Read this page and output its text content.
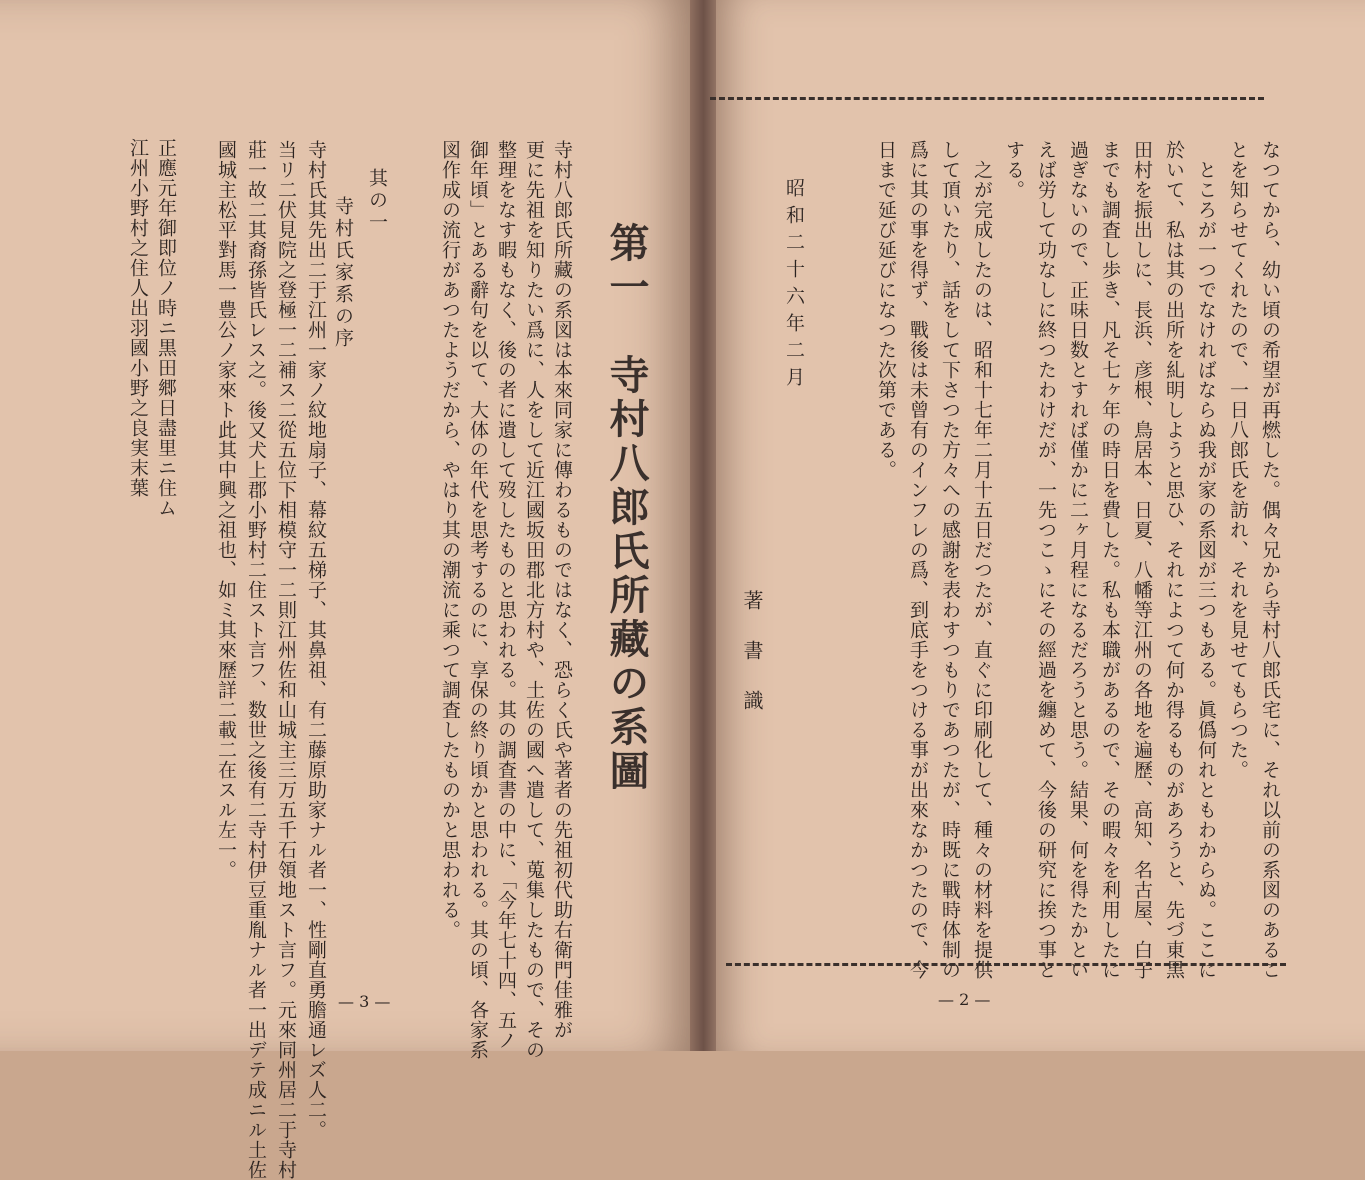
第一　寺村八郎氏所藏の系圖
寺村八郎氏所藏の系図は本來同家に傳わるものではなく、恐らく氏や著者の先祖初代助右衛門佳雅が
更に先祖を知りたい爲に、人をして近江國坂田郡北方村や、土佐の國へ遣して、蒐集したもので、その
整理をなす暇もなく、後の者に遺して歿したものと思われる。其の調査書の中に、「今年七十四、五ノ
御年頃」とある辭句を以て、大体の年代を思考するのに、享保の終り頃かと思われる。其の頃、各家系
図作成の流行があつたようだから、やはり其の潮流に乘つて調査したものかと思われる。
其の一
寺村氏家系の序
寺村氏其先出二于江州一家ノ紋地扇子、幕紋五梯子、其鼻祖、有二藤原助家ナル者一、性剛直勇膽通レズ人二。
当リ二伏見院之登極一二補ス二從五位下相模守一二則江州佐和山城主三万五千石領地スト言フ。元來同州居二于寺村
莊一故二其裔孫皆氏レス之。後又犬上郡小野村二住スト言フ、数世之後有二寺村伊豆重胤ナル者一出デテ成ニル土佐
國城主松平對馬一豊公ノ家來ト此其中興之祖也、如ミ其來歷詳二載二在スル左一。
正應元年御即位ノ時ニ黒田郷日盡里ニ住ム
江州小野村之住人出羽國小野之良実末葉
— 3 —
なつてから、幼い頃の希望が再燃した。偶々兄から寺村八郎氏宅に、それ以前の系図のあるこ
とを知らせてくれたので、一日八郎氏を訪れ、それを見せてもらつた。
　ところが一つでなければならぬ我が家の系図が三つもある。眞僞何れともわからぬ。ここに
於いて、私は其の出所を糺明しようと思ひ、それによつて何か得るものがあろうと、先づ東黒
田村を振出しに、長浜、彦根、鳥居本、日夏、八幡等江州の各地を遍歷、高知、名古屋、白子
までも調査し歩き、凡そ七ヶ年の時日を費した。私も本職があるので、その暇々を利用したに
過ぎないので、正味日数とすれば僅かに二ヶ月程になるだろうと思う。結果、何を得たかとい
えば労して功なしに終つたわけだが、一先つこゝにその經過を纏めて、今後の研究に挨つ事と
する。
　之が完成したのは、昭和十七年二月十五日だつたが、直ぐに印刷化して、種々の材料を提供
して頂いたり、話をして下さつた方々への感謝を表わすつもりであつたが、時既に戰時体制の
爲に其の事を得ず、戰後は未曾有のインフレの爲、到底手をつける事が出來なかつたので、今
日まで延び延びになつた次第である。
昭和二十六年二月
著書識
— 2 —
